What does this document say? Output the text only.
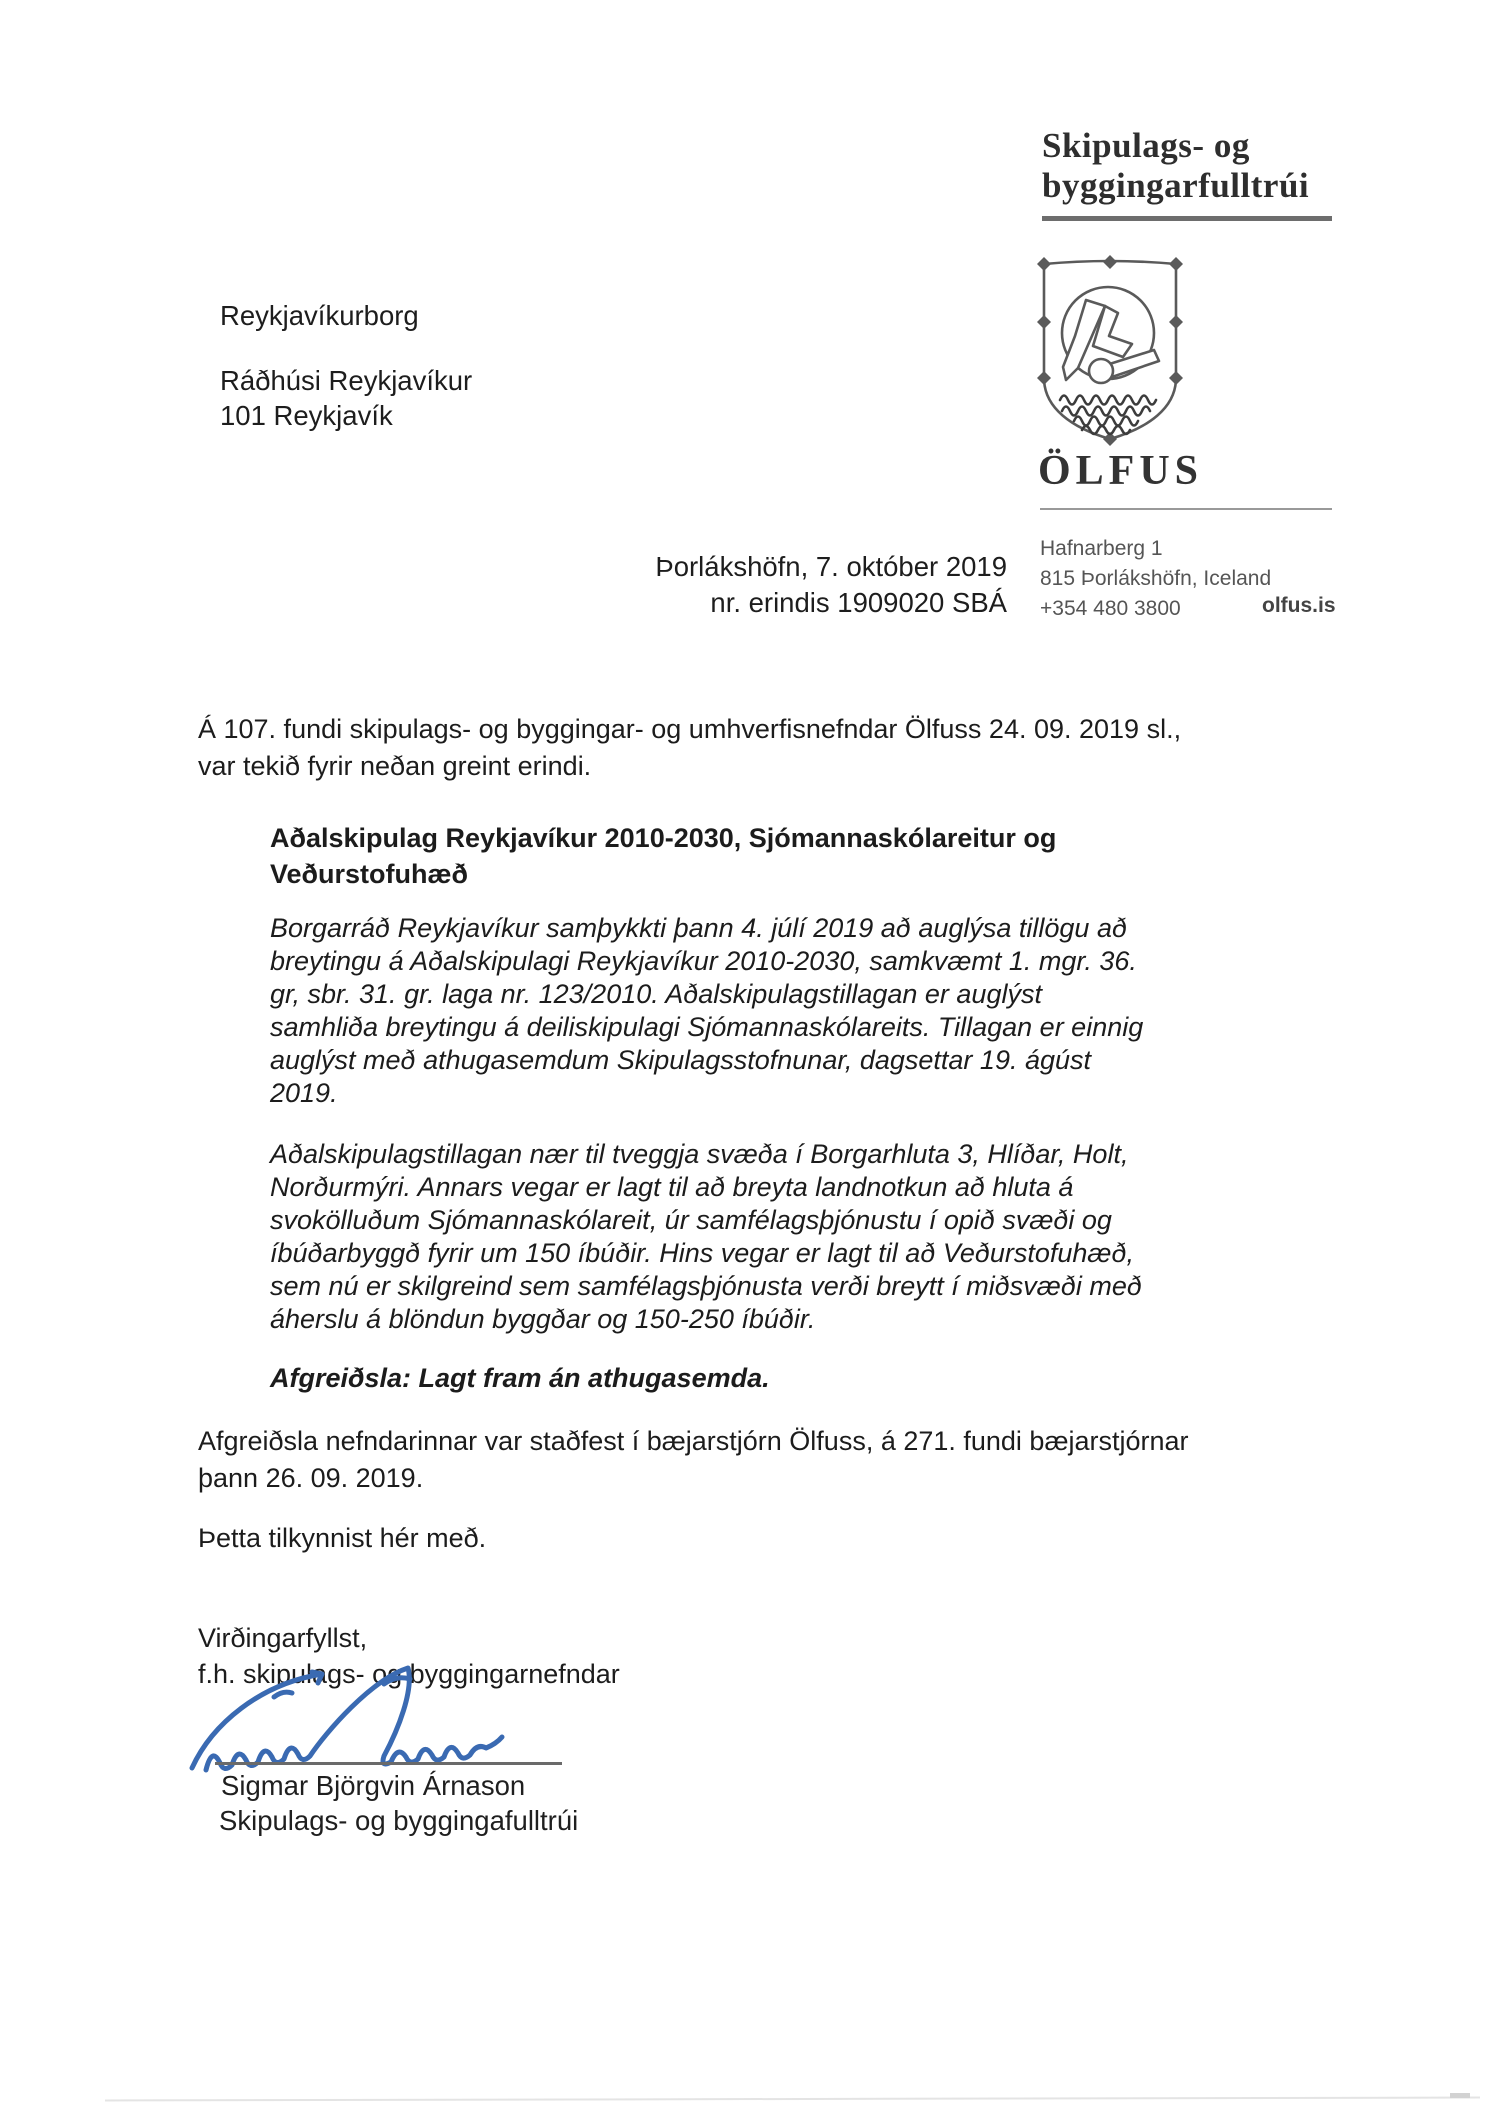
Skipulags- og
byggingarfulltrúi
ÖLFUS
Hafnarberg 1
815 Þorlákshöfn, Iceland
+354 480 3800	olfus.is
Reykjavíkurborg
Ráðhúsi Reykjavíkur
101 Reykjavík
Þorlákshöfn, 7. október 2019
nr. erindis 1909020 SBÁ
Á 107. fundi skipulags- og byggingar- og umhverfisnefndar Ölfuss 24. 09. 2019 sl.,
var tekið fyrir neðan greint erindi.
Aðalskipulag Reykjavíkur 2010-2030, Sjómannaskólareitur og
Veðurstofuhæð
Borgarráð Reykjavíkur samþykkti þann 4. júlí 2019 að auglýsa tillögu að
breytingu á Aðalskipulagi Reykjavíkur 2010-2030, samkvæmt 1. mgr. 36.
gr, sbr. 31. gr. laga nr. 123/2010. Aðalskipulagstillagan er auglýst
samhliða breytingu á deiliskipulagi Sjómannaskólareits. Tillagan er einnig
auglýst með athugasemdum Skipulagsstofnunar, dagsettar 19. ágúst
2019.
Aðalskipulagstillagan nær til tveggja svæða í Borgarhluta 3, Hlíðar, Holt,
Norðurmýri. Annars vegar er lagt til að breyta landnotkun að hluta á
svokölluðum Sjómannaskólareit, úr samfélagsþjónustu í opið svæði og
íbúðarbyggð fyrir um 150 íbúðir. Hins vegar er lagt til að Veðurstofuhæð,
sem nú er skilgreind sem samfélagsþjónusta verði breytt í miðsvæði með
áherslu á blöndun byggðar og 150-250 íbúðir.
Afgreiðsla: Lagt fram án athugasemda.
Afgreiðsla nefndarinnar var staðfest í bæjarstjórn Ölfuss, á 271. fundi bæjarstjórnar
þann 26. 09. 2019.
Þetta tilkynnist hér með.
Virðingarfyllst,
f.h. skipulags- og byggingarnefndar
Sigmar Björgvin Árnason
Skipulags- og byggingafulltrúi
